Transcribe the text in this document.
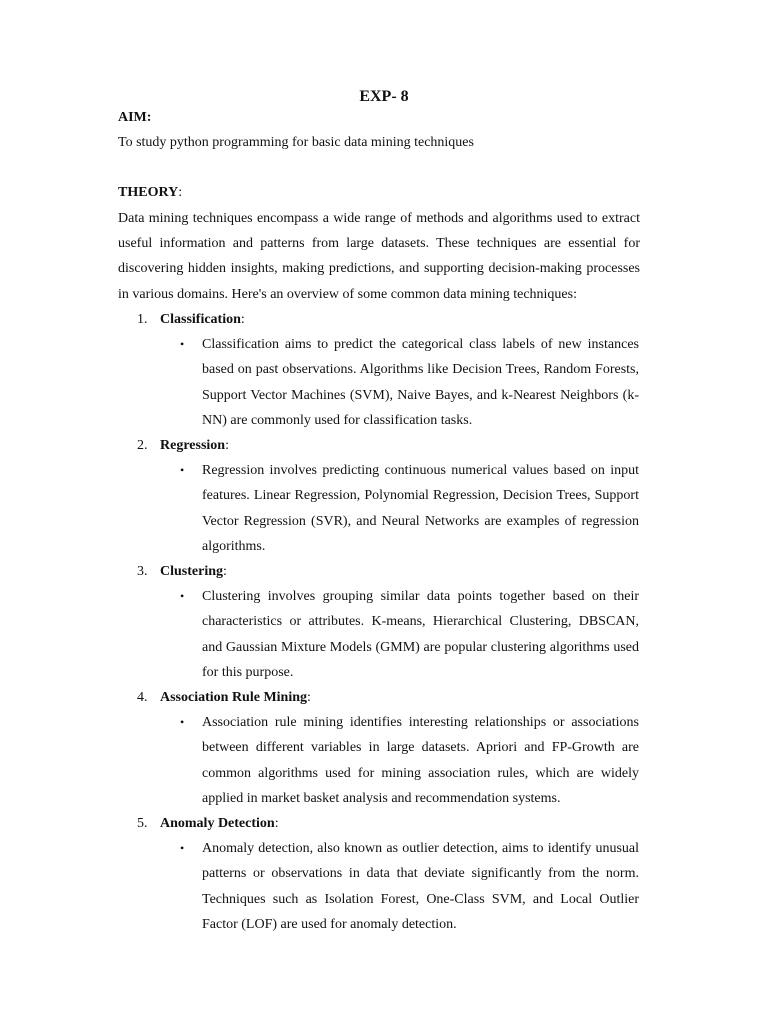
EXP- 8
AIM:
To study python programming for basic data mining techniques
THEORY:
Data mining techniques encompass a wide range of methods and algorithms used to extract useful information and patterns from large datasets. These techniques are essential for discovering hidden insights, making predictions, and supporting decision-making processes in various domains. Here's an overview of some common data mining techniques:
1. Classification:
• Classification aims to predict the categorical class labels of new instances based on past observations. Algorithms like Decision Trees, Random Forests, Support Vector Machines (SVM), Naive Bayes, and k-Nearest Neighbors (k-NN) are commonly used for classification tasks.
2. Regression:
• Regression involves predicting continuous numerical values based on input features. Linear Regression, Polynomial Regression, Decision Trees, Support Vector Regression (SVR), and Neural Networks are examples of regression algorithms.
3. Clustering:
• Clustering involves grouping similar data points together based on their characteristics or attributes. K-means, Hierarchical Clustering, DBSCAN, and Gaussian Mixture Models (GMM) are popular clustering algorithms used for this purpose.
4. Association Rule Mining:
• Association rule mining identifies interesting relationships or associations between different variables in large datasets. Apriori and FP-Growth are common algorithms used for mining association rules, which are widely applied in market basket analysis and recommendation systems.
5. Anomaly Detection:
• Anomaly detection, also known as outlier detection, aims to identify unusual patterns or observations in data that deviate significantly from the norm. Techniques such as Isolation Forest, One-Class SVM, and Local Outlier Factor (LOF) are used for anomaly detection.
